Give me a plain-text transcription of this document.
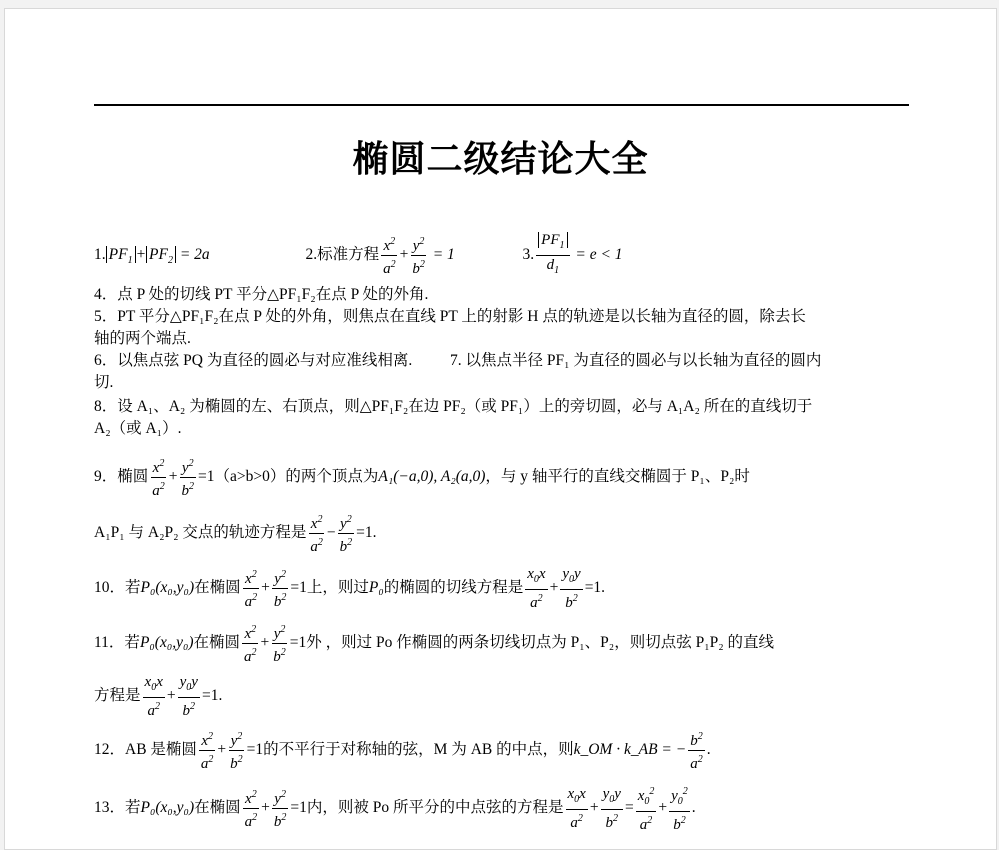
椭圆二级结论大全
1. $PF_1 + PF_2 = 2a$	2.标准方程 $\frac{x^2}{a^2} + \frac{y^2}{b^2} = 1$	3. $\frac{PF_1}{d_1} = e < 1$
4．点 P 处的切线 PT 平分△PF₁F₂在点 P 处的外角.
5．PT 平分△PF₁F₂在点 P 处的外角，则焦点在直线 PT 上的射影 H 点的轨迹是以长轴为直径的圆，除去长
轴的两个端点.
6．以焦点弦 PQ 为直径的圆必与对应准线相离. 7. 以焦点半径 PF₁ 为直径的圆必与以长轴为直径的圆内
切.
8．设 A₁、A₂ 为椭圆的左、右顶点，则△PF₁F₂在边 PF₂（或 PF₁）上的旁切圆，必与 A₁A₂ 所在的直线切于
A₂（或 A₁）.
9．椭圆 $\frac{x^2}{a^2} + \frac{y^2}{b^2} =1(a>b>0)$的两个顶点为A₁(−a,0), A₂(a,0)，与 y 轴平行的直线交椭圆于 P₁、P₂时
A₁P₁ 与 A₂P₂ 交点的轨迹方程是 $\frac{x^2}{a^2} - \frac{y^2}{b^2} =1$.
10．若P₀(x₀,y₀)在椭圆 $\frac{x^2}{a^2} + \frac{y^2}{b^2} =1$上，则过P₀的椭圆的切线方程是 $\frac{x_0x}{a^2} + \frac{y_0y}{b^2} =1$.
11．若P₀(x₀,y₀)在椭圆 $\frac{x^2}{a^2} + \frac{y^2}{b^2} =1$外 ，则过 Po 作椭圆的两条切线切点为 P₁、P₂，则切点弦 P₁P₂ 的直线
方程是 $\frac{x_0x}{a^2} + \frac{y_0y}{b^2} =1$.
12．AB 是椭圆 $\frac{x^2}{a^2} + \frac{y^2}{b^2} =1$的不平行于对称轴的弦，M 为 AB 的中点，则k_OM · k_AB = − $\frac{b^2}{a^2}$ .
13．若P₀(x₀,y₀)在椭圆 $\frac{x^2}{a^2} + \frac{y^2}{b^2} =1$内，则被 Po 所平分的中点弦的方程是 $\frac{x_0x}{a^2} + \frac{y_0y}{b^2} = \frac{x_0^2}{a^2} + \frac{y_0^2}{b^2}$ .
